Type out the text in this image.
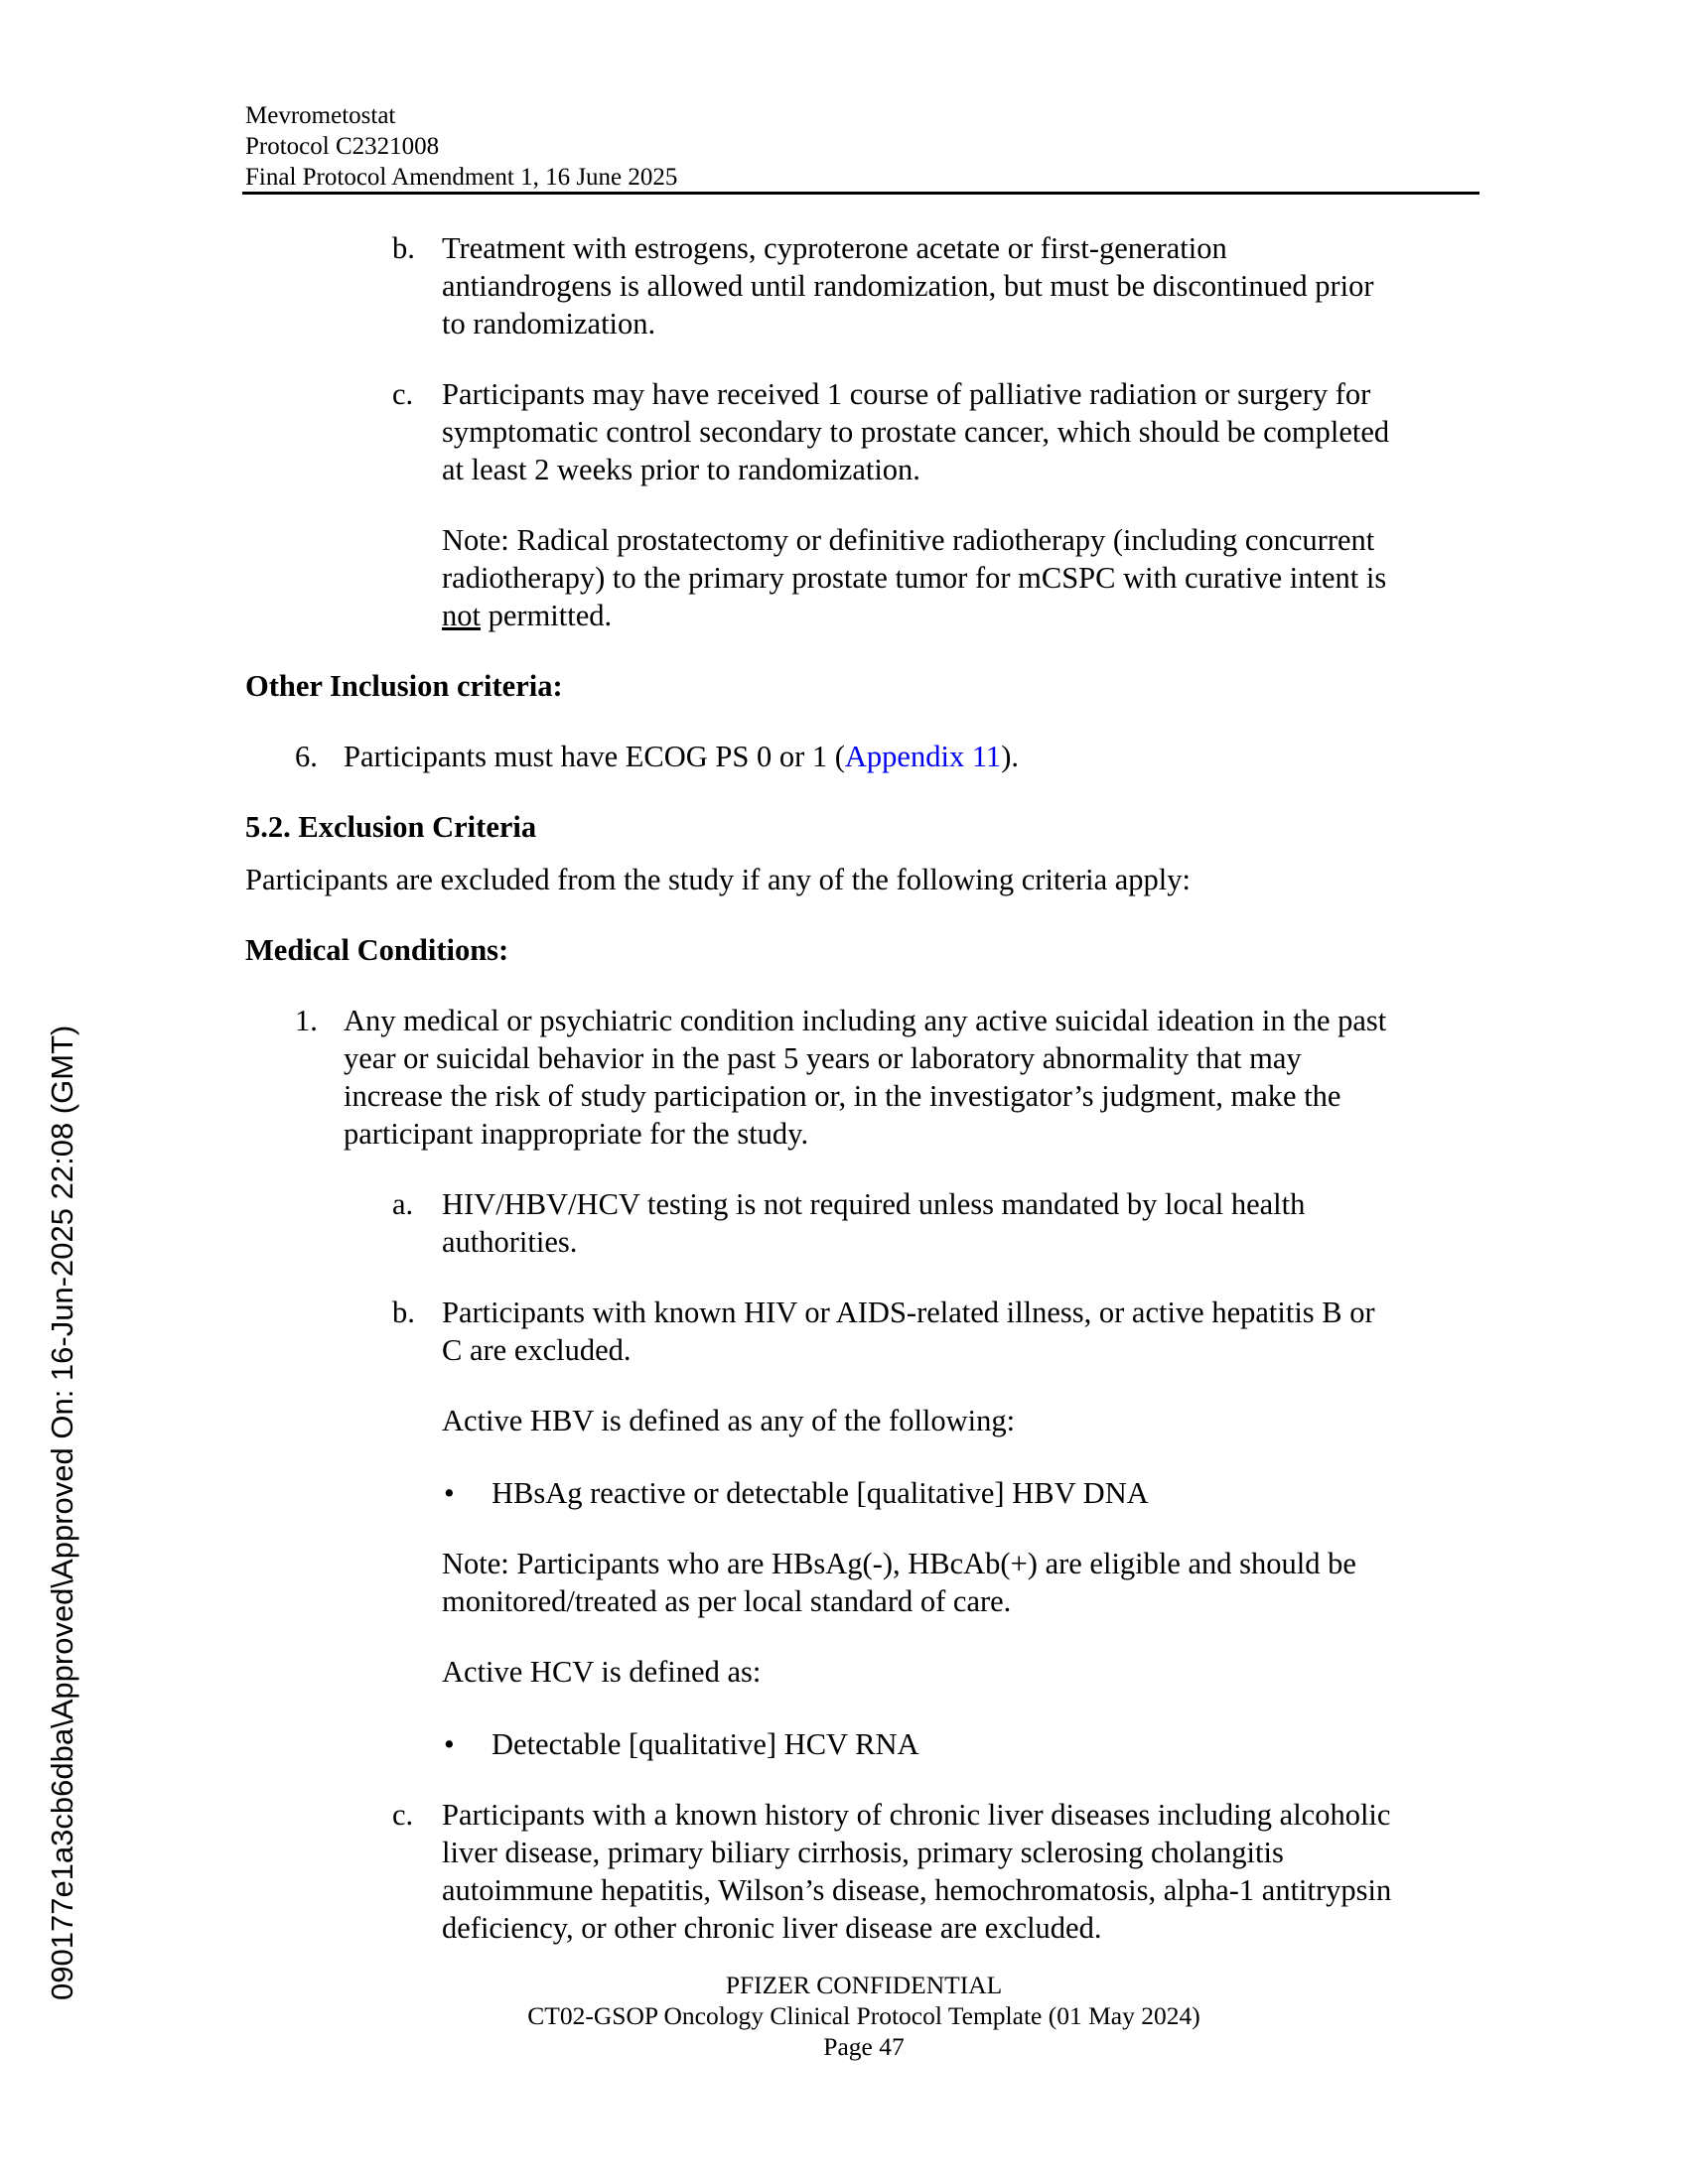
Mevrometostat
Protocol C2321008
Final Protocol Amendment 1, 16 June 2025
090177e1a3cb6dba\Approved\Approved On: 16-Jun-2025 22:08 (GMT)
b. Treatment with estrogens, cyproterone acetate or first-generation
antiandrogens is allowed until randomization, but must be discontinued prior
to randomization.
c. Participants may have received 1 course of palliative radiation or surgery for
symptomatic control secondary to prostate cancer, which should be completed
at least 2 weeks prior to randomization.
Note: Radical prostatectomy or definitive radiotherapy (including concurrent
radiotherapy) to the primary prostate tumor for mCSPC with curative intent is
not permitted.
Other Inclusion criteria:
6. Participants must have ECOG PS 0 or 1 (Appendix 11).
5.2. Exclusion Criteria
Participants are excluded from the study if any of the following criteria apply:
Medical Conditions:
1. Any medical or psychiatric condition including any active suicidal ideation in the past
year or suicidal behavior in the past 5 years or laboratory abnormality that may
increase the risk of study participation or, in the investigator’s judgment, make the
participant inappropriate for the study.
a. HIV/HBV/HCV testing is not required unless mandated by local health
authorities.
b. Participants with known HIV or AIDS-related illness, or active hepatitis B or
C are excluded.
Active HBV is defined as any of the following:
• HBsAg reactive or detectable [qualitative] HBV DNA
Note: Participants who are HBsAg(-), HBcAb(+) are eligible and should be
monitored/treated as per local standard of care.
Active HCV is defined as:
• Detectable [qualitative] HCV RNA
c. Participants with a known history of chronic liver diseases including alcoholic
liver disease, primary biliary cirrhosis, primary sclerosing cholangitis
autoimmune hepatitis, Wilson’s disease, hemochromatosis, alpha-1 antitrypsin
deficiency, or other chronic liver disease are excluded.
PFIZER CONFIDENTIAL
CT02-GSOP Oncology Clinical Protocol Template (01 May 2024)
Page 47
